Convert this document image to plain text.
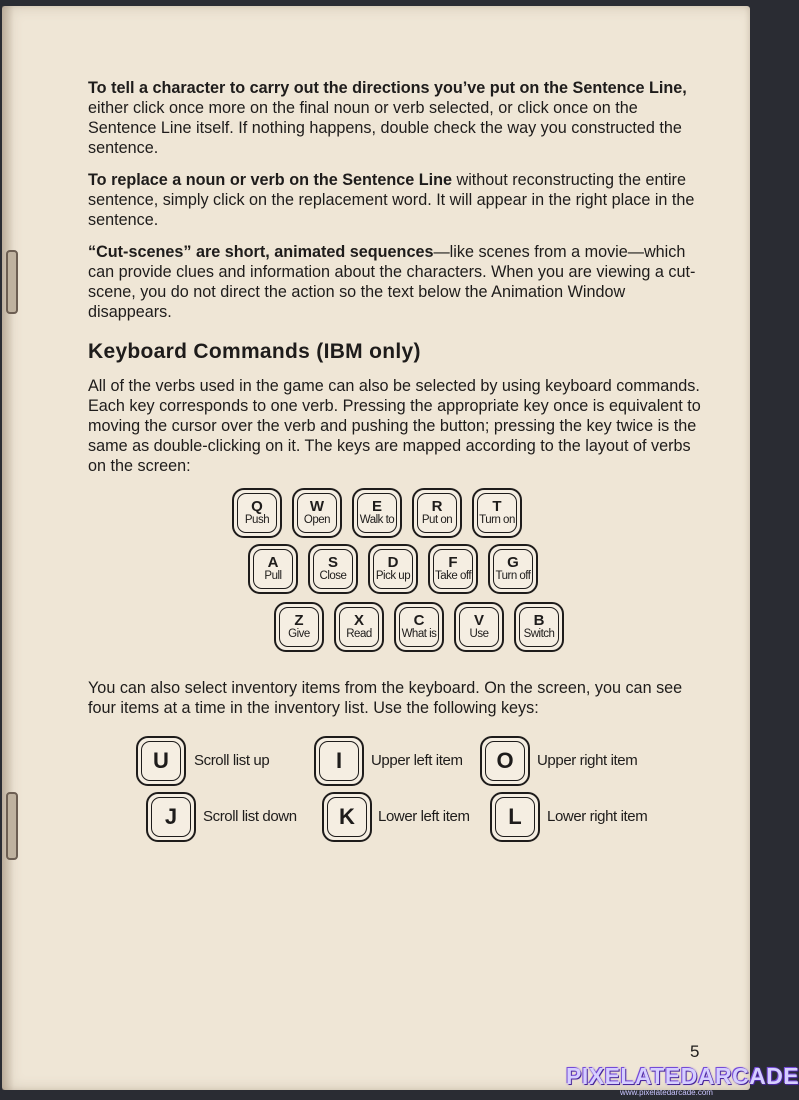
To tell a character to carry out the directions you’ve put on the Sentence Line, either click once more on the final noun or verb selected, or click once on the Sentence Line itself. If nothing happens, double check the way you constructed the sentence.

To replace a noun or verb on the Sentence Line without reconstructing the entire sentence, simply click on the replacement word. It will appear in the right place in the sentence.

“Cut-scenes” are short, animated sequences—like scenes from a movie—which can provide clues and information about the characters. When you are viewing a cut-scene, you do not direct the action so the text below the Animation Window disappears.

Keyboard Commands (IBM only)

All of the verbs used in the game can also be selected by using keyboard commands. Each key corresponds to one verb. Pressing the appropriate key once is equivalent to moving the cursor over the verb and pushing the button; pressing the key twice is the same as double-clicking on it. The keys are mapped according to the layout of verbs on the screen:

Q
Push
W
Open
E
Walk to
R
Put on
T
Turn on
A
Pull
S
Close
D
Pick up
F
Take off
G
Turn off
Z
Give
X
Read
C
What is
V
Use
B
Switch

You can also select inventory items from the keyboard. On the screen, you can see four items at a time in the inventory list. Use the following keys:

U	Scroll list up	I	Upper left item	O	Upper right item
J	Scroll list down	K	Lower left item	L	Lower right item
5
PIXELATEDARCADE
www.pixelatedarcade.com
